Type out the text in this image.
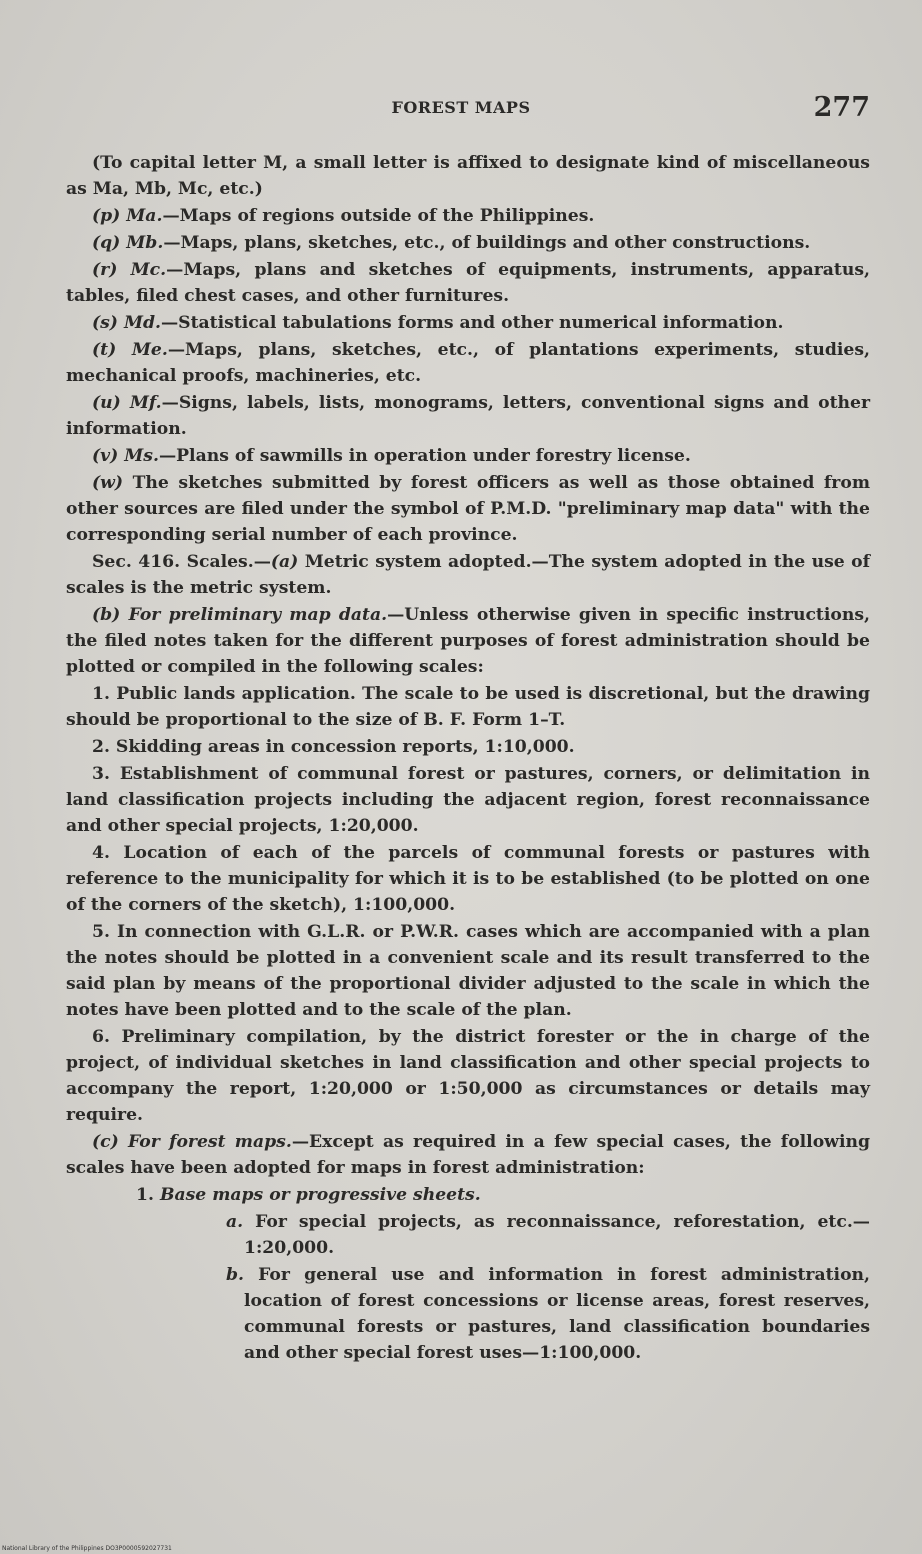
FOREST MAPS	277

(To capital letter M, a small letter is affixed to designate kind of miscellaneous as Ma, Mb, Mc, etc.)

(p) Ma.—Maps of regions outside of the Philippines.

(q) Mb.—Maps, plans, sketches, etc., of buildings and other constructions.

(r) Mc.—Maps, plans and sketches of equipments, instruments, apparatus, tables, filed chest cases, and other furnitures.

(s) Md.—Statistical tabulations forms and other numerical information.

(t) Me.—Maps, plans, sketches, etc., of plantations experiments, studies, mechanical proofs, machineries, etc.

(u) Mf.—Signs, labels, lists, monograms, letters, conventional signs and other information.

(v) Ms.—Plans of sawmills in operation under forestry license.

(w) The sketches submitted by forest officers as well as those obtained from other sources are filed under the symbol of P.M.D. "preliminary map data" with the corresponding serial number of each province.

Sec. 416. Scales.—(a) Metric system adopted.—The system adopted in the use of scales is the metric system.

(b) For preliminary map data.—Unless otherwise given in specific instructions, the filed notes taken for the different purposes of forest administration should be plotted or compiled in the following scales:

1. Public lands application. The scale to be used is discretional, but the drawing should be proportional to the size of B. F. Form 1–T.

2. Skidding areas in concession reports, 1:10,000.

3. Establishment of communal forest or pastures, corners, or delimitation in land classification projects including the adjacent region, forest reconnaissance and other special projects, 1:20,000.

4. Location of each of the parcels of communal forests or pastures with reference to the municipality for which it is to be established (to be plotted on one of the corners of the sketch), 1:100,000.

5. In connection with G.L.R. or P.W.R. cases which are accompanied with a plan the notes should be plotted in a convenient scale and its result transferred to the said plan by means of the proportional divider adjusted to the scale in which the notes have been plotted and to the scale of the plan.

6. Preliminary compilation, by the district forester or the in charge of the project, of individual sketches in land classification and other special projects to accompany the report, 1:20,000 or 1:50,000 as circumstances or details may require.

(c) For forest maps.—Except as required in a few special cases, the following scales have been adopted for maps in forest administration:

1. Base maps or progressive sheets.

a. For special projects, as reconnaissance, reforestation, etc.—1:20,000.

b. For general use and information in forest administration, location of forest concessions or license areas, forest reserves, communal forests or pastures, land classification boundaries and other special forest uses—1:100,000.

National Library of the Philippines DO3P0000592027731
